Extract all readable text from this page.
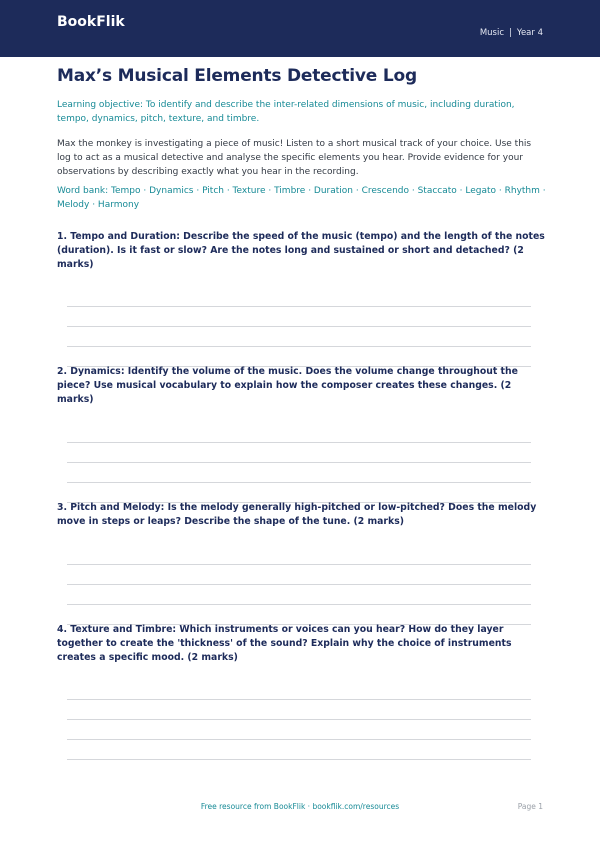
BookFlik
Music | Year 4
Max’s Musical Elements Detective Log
Learning objective: To identify and describe the inter-related dimensions of music, including duration, tempo, dynamics, pitch, texture, and timbre.
Max the monkey is investigating a piece of music! Listen to a short musical track of your choice. Use this log to act as a musical detective and analyse the specific elements you hear. Provide evidence for your observations by describing exactly what you hear in the recording.
Word bank: Tempo · Dynamics · Pitch · Texture · Timbre · Duration · Crescendo · Staccato · Legato · Rhythm · Melody · Harmony
1. Tempo and Duration: Describe the speed of the music (tempo) and the length of the notes (duration). Is it fast or slow? Are the notes long and sustained or short and detached? (2 marks)
2. Dynamics: Identify the volume of the music. Does the volume change throughout the piece? Use musical vocabulary to explain how the composer creates these changes. (2 marks)
3. Pitch and Melody: Is the melody generally high-pitched or low-pitched? Does the melody move in steps or leaps? Describe the shape of the tune. (2 marks)
4. Texture and Timbre: Which instruments or voices can you hear? How do they layer together to create the 'thickness' of the sound? Explain why the choice of instruments creates a specific mood. (2 marks)
Free resource from BookFlik · bookflik.com/resources	Page 1
